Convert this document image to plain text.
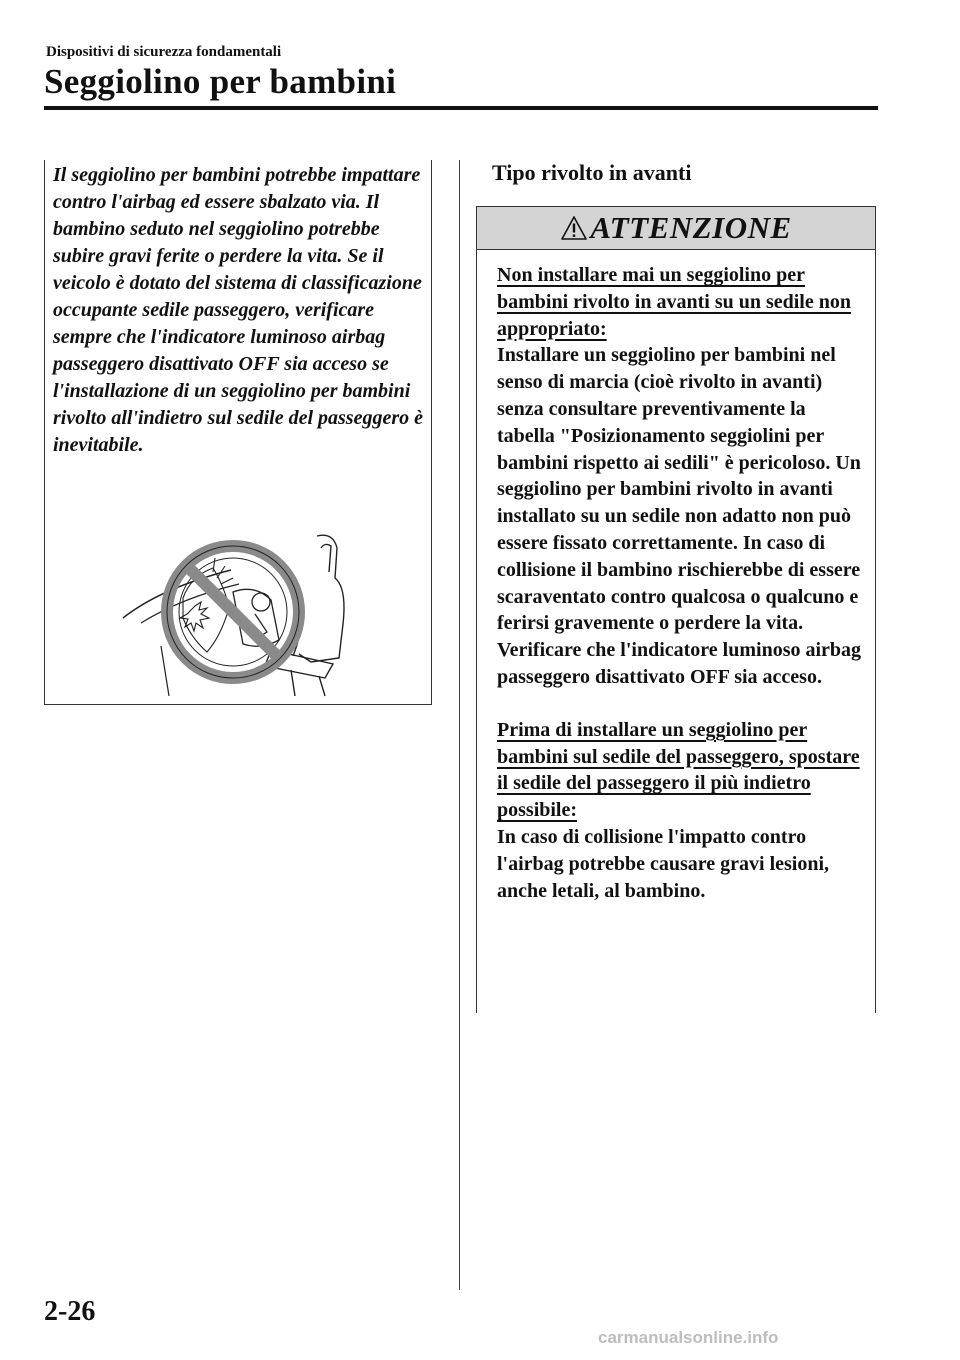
Dispositivi di sicurezza fondamentali
Seggiolino per bambini
Il seggiolino per bambini potrebbe impattare contro l'airbag ed essere sbalzato via. Il bambino seduto nel seggiolino potrebbe subire gravi ferite o perdere la vita. Se il veicolo è dotato del sistema di classificazione occupante sedile passeggero, verificare sempre che l'indicatore luminoso airbag passeggero disattivato OFF sia acceso se l'installazione di un seggiolino per bambini rivolto all'indietro sul sedile del passeggero è inevitabile.
Tipo rivolto in avanti
ATTENZIONE
Non installare mai un seggiolino per bambini rivolto in avanti su un sedile non appropriato:
Installare un seggiolino per bambini nel senso di marcia (cioè rivolto in avanti) senza consultare preventivamente la tabella "Posizionamento seggiolini per bambini rispetto ai sedili" è pericoloso. Un seggiolino per bambini rivolto in avanti installato su un sedile non adatto non può essere fissato correttamente. In caso di collisione il bambino rischierebbe di essere scaraventato contro qualcosa o qualcuno e ferirsi gravemente o perdere la vita.
Verificare che l'indicatore luminoso airbag passeggero disattivato OFF sia acceso.
Prima di installare un seggiolino per bambini sul sedile del passeggero, spostare il sedile del passeggero il più indietro possibile:
In caso di collisione l'impatto contro l'airbag potrebbe causare gravi lesioni, anche letali, al bambino.
2-26
carmanualsonline.info
